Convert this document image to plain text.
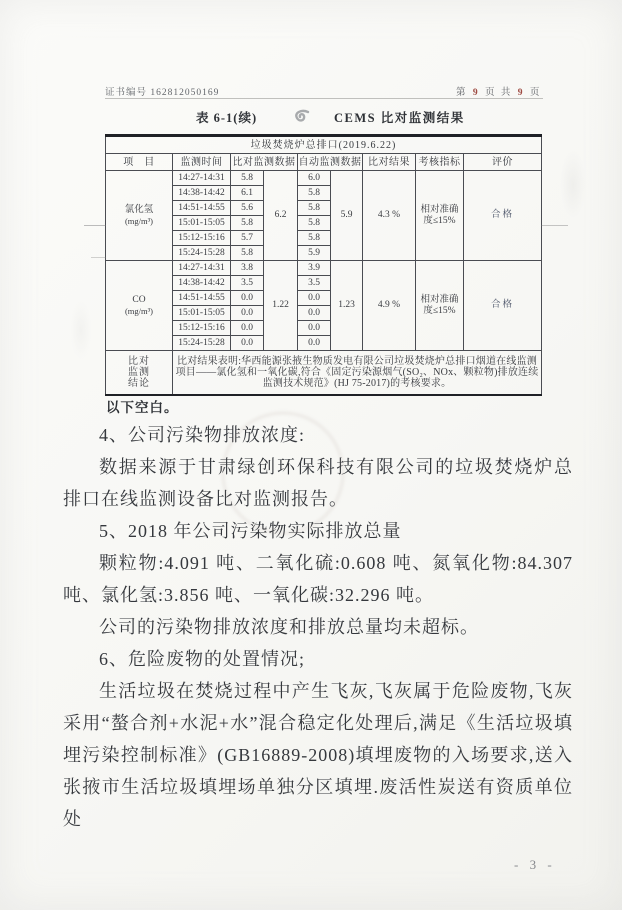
证书编号 162812050169	第 9 页 共 9 页
表 6-1(续)	CEMS 比对监测结果
垃圾焚烧炉总排口(2019.6.22)								
项　目	监测时间	比对监测数据		自动监测数据		比对结果	考核指标	评价

氯化氢
(mg/m³)	14:27-14:31	5.8	6.2	6.0	5.9	4.3 %	相对准确度≤15%	合格
	14:38-14:42	6.1		5.8				
	14:51-14:55	5.6		5.8				
	15:01-15:05	5.8		5.8				
	15:12-15:16	5.7		5.8				
	15:24-15:28	5.8		5.9				

CO
(mg/m³)	14:27-14:31	3.8	1.22	3.9	1.23	4.9 %	相对准确度≤15%	合格
	14:38-14:42	3.5		3.5				
	14:51-14:55	0.0		0.0				
	15:01-15:05	0.0		0.0				
	15:12-15:16	0.0		0.0				
	15:24-15:28	0.0		0.0				

比对
监测
结论	比对结果表明:华西能源张掖生物质发电有限公司垃圾焚烧炉总排口烟道在线监测项目——氯化氢和一氧化碳,符合《固定污染源烟气(SO₂、NOx、颗粒物)排放连续监测技术规范》(HJ 75-2017)的考核要求。							
以下空白。

4、公司污染物排放浓度:

数据来源于甘肃绿创环保科技有限公司的垃圾焚烧炉总排口在线监测设备比对监测报告。

5、2018 年公司污染物实际排放总量

颗粒物:4.091 吨、二氧化硫:0.608 吨、氮氧化物:84.307 吨、氯化氢:3.856 吨、一氧化碳:32.296 吨。

公司的污染物排放浓度和排放总量均未超标。

6、危险废物的处置情况;

生活垃圾在焚烧过程中产生飞灰,飞灰属于危险废物,飞灰采用“螯合剂+水泥+水”混合稳定化处理后,满足《生活垃圾填埋污染控制标准》(GB16889-2008)填埋废物的入场要求,送入张掖市生活垃圾填埋场单独分区填埋.废活性炭送有资质单位处

- 3 -
